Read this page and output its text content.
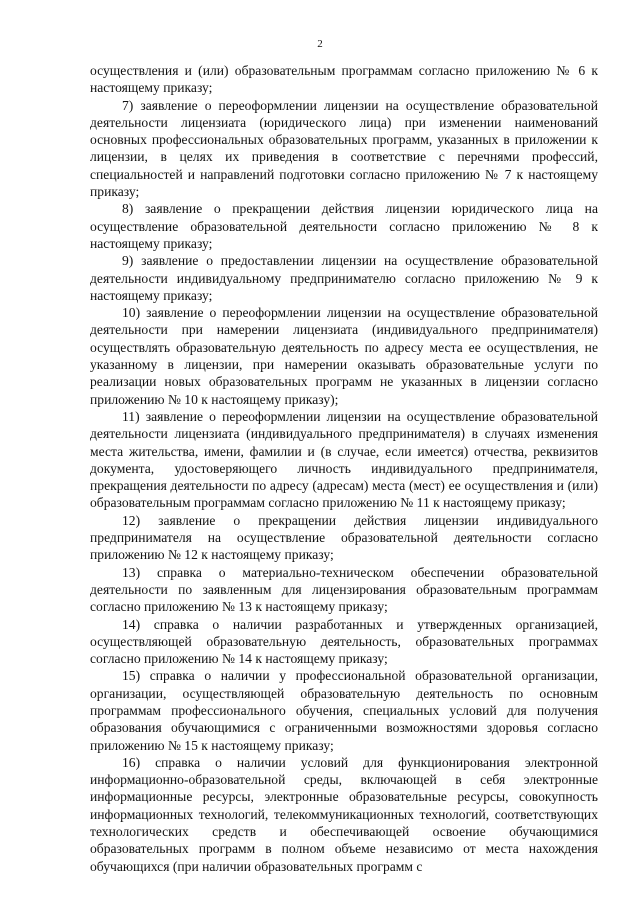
2

осуществления и (или) образовательным программам согласно приложению № 6 к настоящему приказу;

7) заявление о переоформлении лицензии на осуществление образовательной деятельности лицензиата (юридического лица) при изменении наименований основных профессиональных образовательных программ, указанных в приложении к лицензии, в целях их приведения в соответствие с перечнями профессий, специальностей и направлений подготовки согласно приложению № 7 к настоящему приказу;

8) заявление о прекращении действия лицензии юридического лица на осуществление образовательной деятельности согласно приложению № 8 к настоящему приказу;

9) заявление о предоставлении лицензии на осуществление образовательной деятельности индивидуальному предпринимателю согласно приложению № 9 к настоящему приказу;

10) заявление о переоформлении лицензии на осуществление образовательной деятельности при намерении лицензиата (индивидуального предпринимателя) осуществлять образовательную деятельность по адресу места ее осуществления, не указанному в лицензии, при намерении оказывать образовательные услуги по реализации новых образовательных программ не указанных в лицензии согласно приложению № 10 к настоящему приказу);

11) заявление о переоформлении лицензии на осуществление образовательной деятельности лицензиата (индивидуального предпринимателя) в случаях изменения места жительства, имени, фамилии и (в случае, если имеется) отчества, реквизитов документа, удостоверяющего личность индивидуального предпринимателя, прекращения деятельности по адресу (адресам) места (мест) ее осуществления и (или) образовательным программам согласно приложению № 11 к настоящему приказу;

12) заявление о прекращении действия лицензии индивидуального предпринимателя на осуществление образовательной деятельности согласно приложению № 12 к настоящему приказу;

13) справка о материально-техническом обеспечении образовательной деятельности по заявленным для лицензирования образовательным программам согласно приложению № 13 к настоящему приказу;

14) справка о наличии разработанных и утвержденных организацией, осуществляющей образовательную деятельность, образовательных программах согласно приложению № 14 к настоящему приказу;

15) справка о наличии у профессиональной образовательной организации, организации, осуществляющей образовательную деятельность по основным программам профессионального обучения, специальных условий для получения образования обучающимися с ограниченными возможностями здоровья согласно приложению № 15 к настоящему приказу;

16) справка о наличии условий для функционирования электронной информационно-образовательной среды, включающей в себя электронные информационные ресурсы, электронные образовательные ресурсы, совокупность информационных технологий, телекоммуникационных технологий, соответствующих технологических средств и обеспечивающей освоение обучающимися образовательных программ в полном объеме независимо от места нахождения обучающихся (при наличии образовательных программ с
